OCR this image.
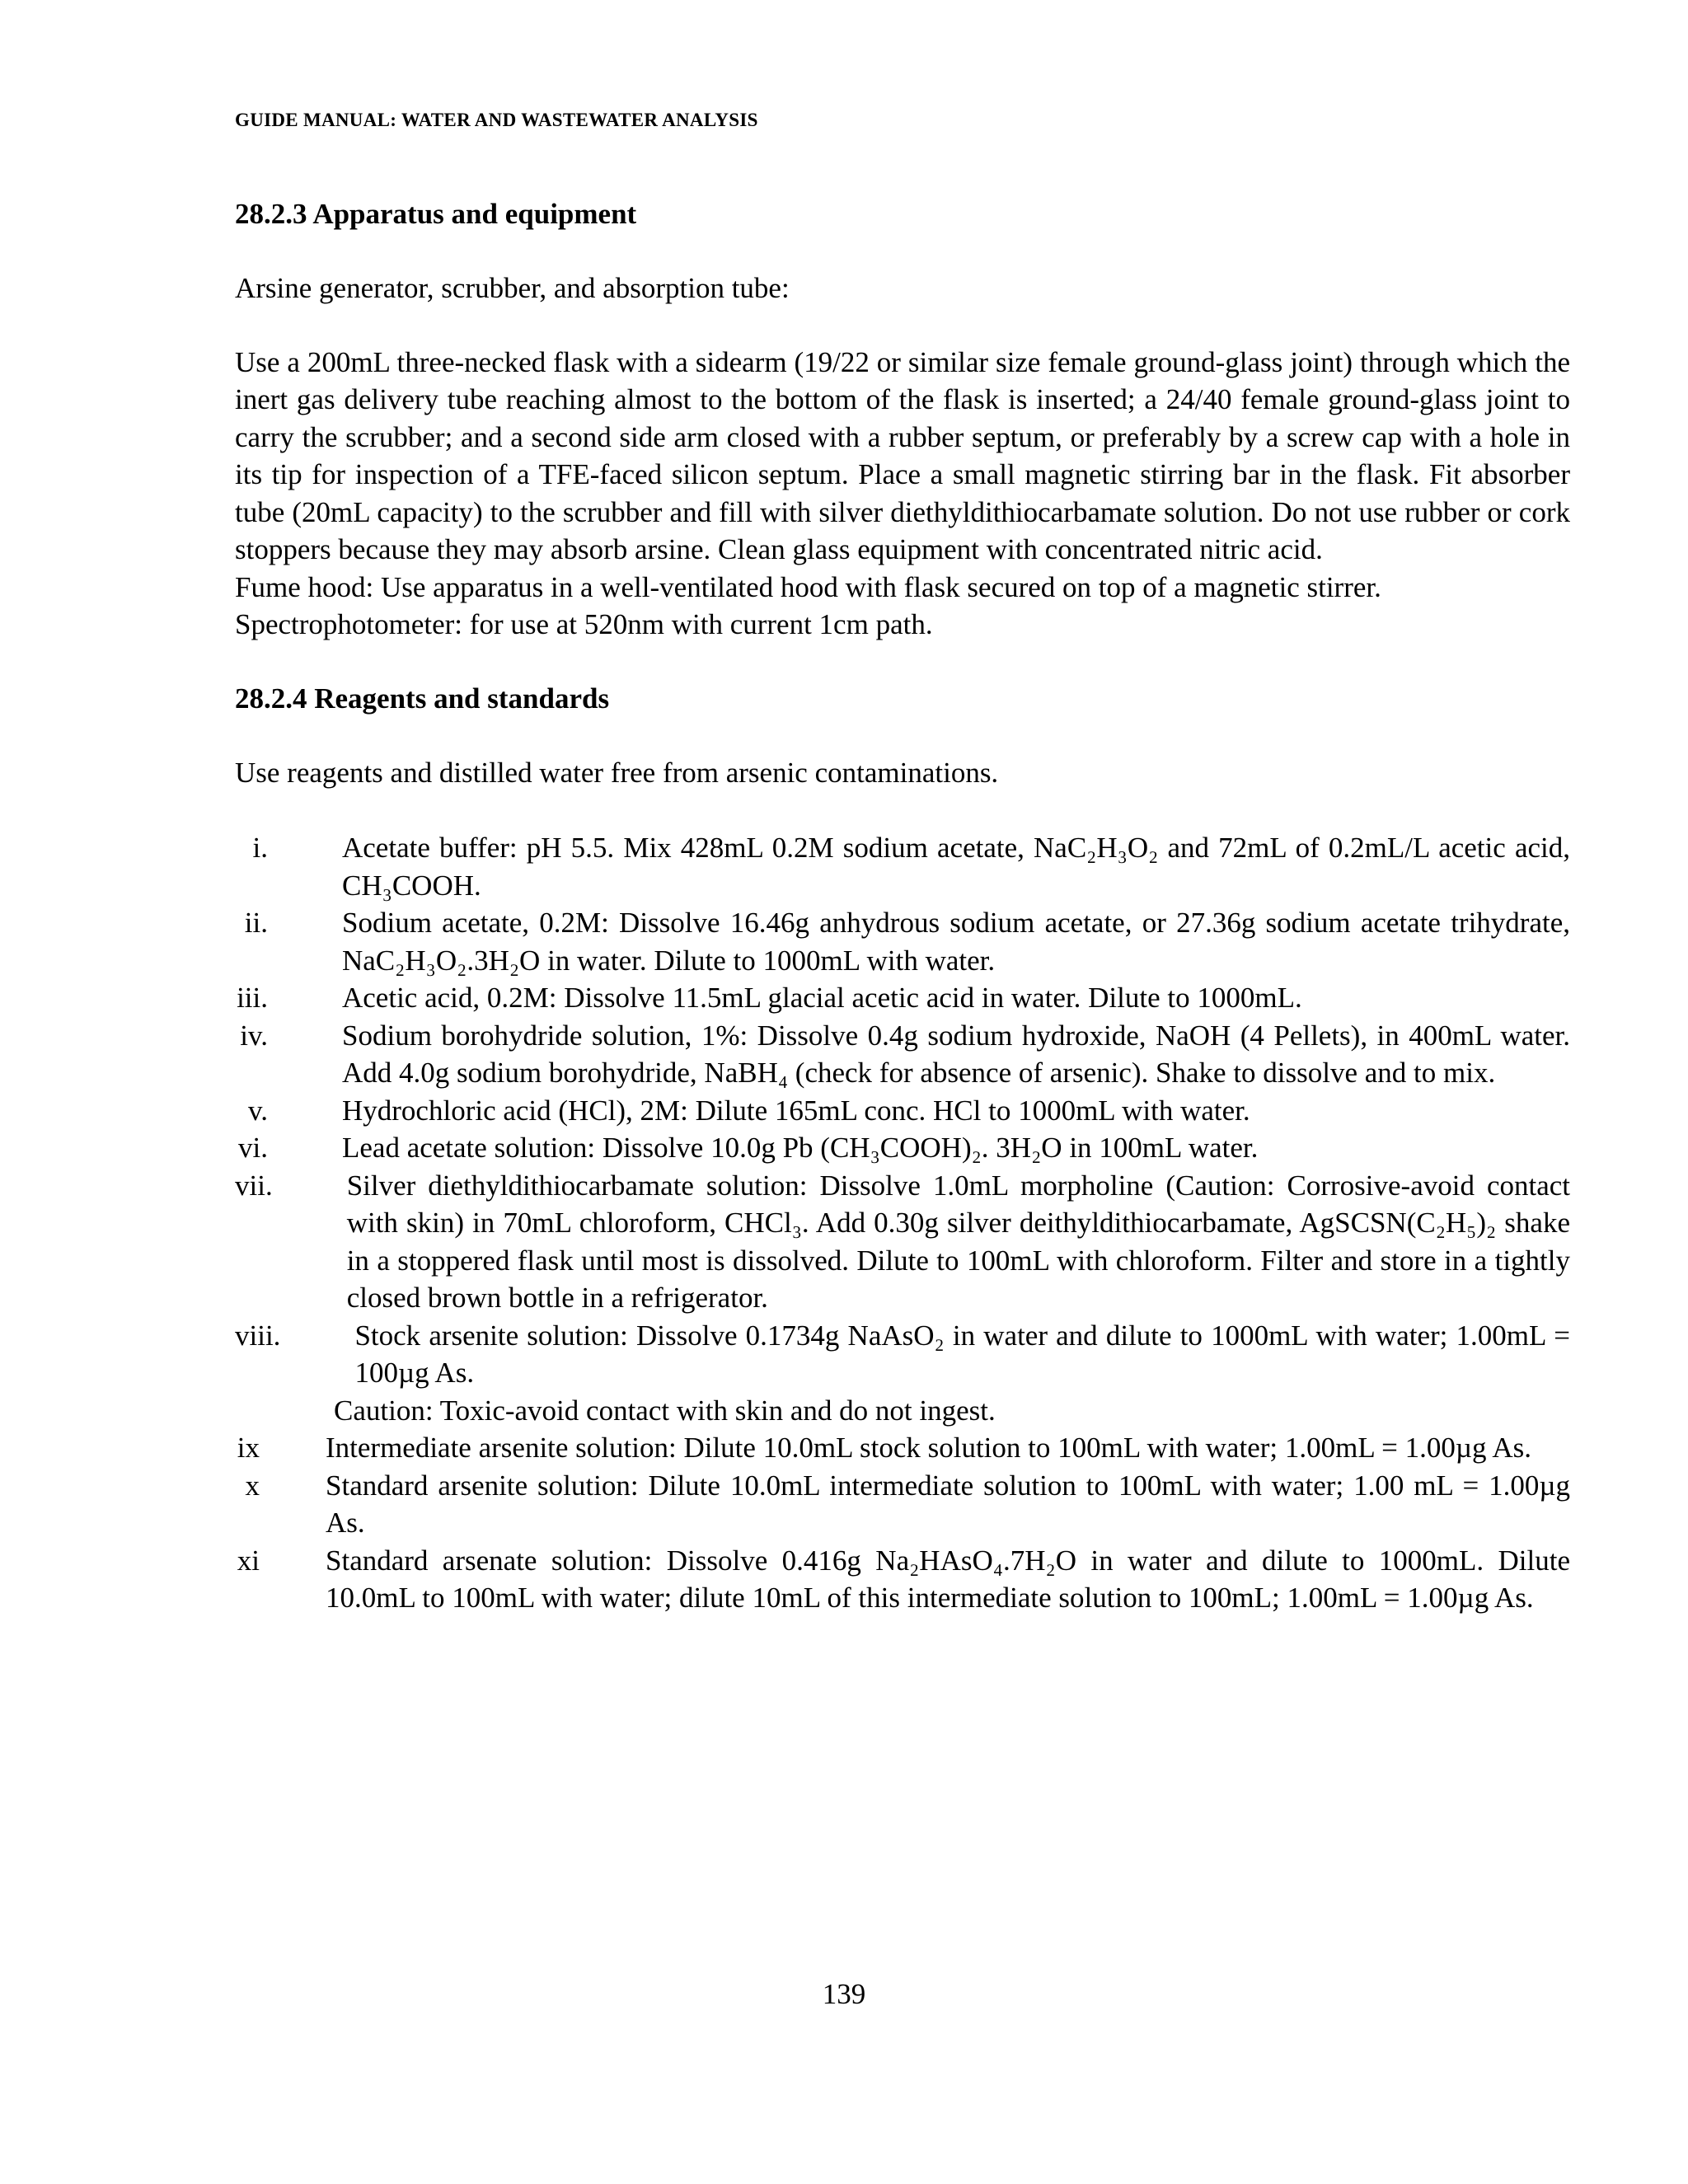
GUIDE MANUAL: WATER AND WASTEWATER ANALYSIS
28.2.3 Apparatus and equipment

Arsine generator, scrubber, and absorption tube:

Use a 200mL three-necked flask with a sidearm (19/22 or similar size female ground-glass joint) through which the inert gas delivery tube reaching almost to the bottom of the flask is inserted; a 24/40 female ground-glass joint to carry the scrubber; and a second side arm closed with a rubber septum, or preferably by a screw cap with a hole in its tip for inspection of a TFE-faced silicon septum. Place a small magnetic stirring bar in the flask. Fit absorber tube (20mL capacity) to the scrubber and fill with silver diethyldithiocarbamate solution. Do not use rubber or cork stoppers because they may absorb arsine. Clean glass equipment with concentrated nitric acid.

Fume hood: Use apparatus in a well-ventilated hood with flask secured on top of a magnetic stirrer.

Spectrophotometer: for use at 520nm with current 1cm path.

28.2.4 Reagents and standards

Use reagents and distilled water free from arsenic contaminations.

i.	Acetate buffer: pH 5.5. Mix 428mL 0.2M sodium acetate, NaC₂H₃O₂ and 72mL of 0.2mL/L acetic acid, CH₃COOH.
ii.	Sodium acetate, 0.2M: Dissolve 16.46g anhydrous sodium acetate, or 27.36g sodium acetate trihydrate, NaC₂H₃O₂.3H₂O in water. Dilute to 1000mL with water.
iii.	Acetic acid, 0.2M: Dissolve 11.5mL glacial acetic acid in water. Dilute to 1000mL.
iv.	Sodium borohydride solution, 1%: Dissolve 0.4g sodium hydroxide, NaOH (4 Pellets), in 400mL water. Add 4.0g sodium borohydride, NaBH₄ (check for absence of arsenic). Shake to dissolve and to mix.
v.	Hydrochloric acid (HCl), 2M: Dilute 165mL conc. HCl to 1000mL with water.
vi.	Lead acetate solution: Dissolve 10.0g Pb (CH₃COOH)₂. 3H₂O in 100mL water.
vii.	Silver diethyldithiocarbamate solution: Dissolve 1.0mL morpholine (Caution: Corrosive-avoid contact with skin) in 70mL chloroform, CHCl₃. Add 0.30g silver deithyldithiocarbamate, AgSCSN(C₂H₅)₂ shake in a stoppered flask until most is dissolved. Dilute to 100mL with chloroform. Filter and store in a tightly closed brown bottle in a refrigerator.
viii.	Stock arsenite solution: Dissolve 0.1734g NaAsO₂ in water and dilute to 1000mL with water; 1.00mL = 100µg As.
Caution: Toxic-avoid contact with skin and do not ingest.
ix Intermediate arsenite solution: Dilute 10.0mL stock solution to 100mL with water; 1.00mL = 1.00µg As.
x Standard arsenite solution: Dilute 10.0mL intermediate solution to 100mL with water; 1.00 mL = 1.00µg As.
xi Standard arsenate solution: Dissolve 0.416g Na₂HAsO₄.7H₂O in water and dilute to 1000mL. Dilute 10.0mL to 100mL with water; dilute 10mL of this intermediate solution to 100mL; 1.00mL = 1.00µg As.
139
